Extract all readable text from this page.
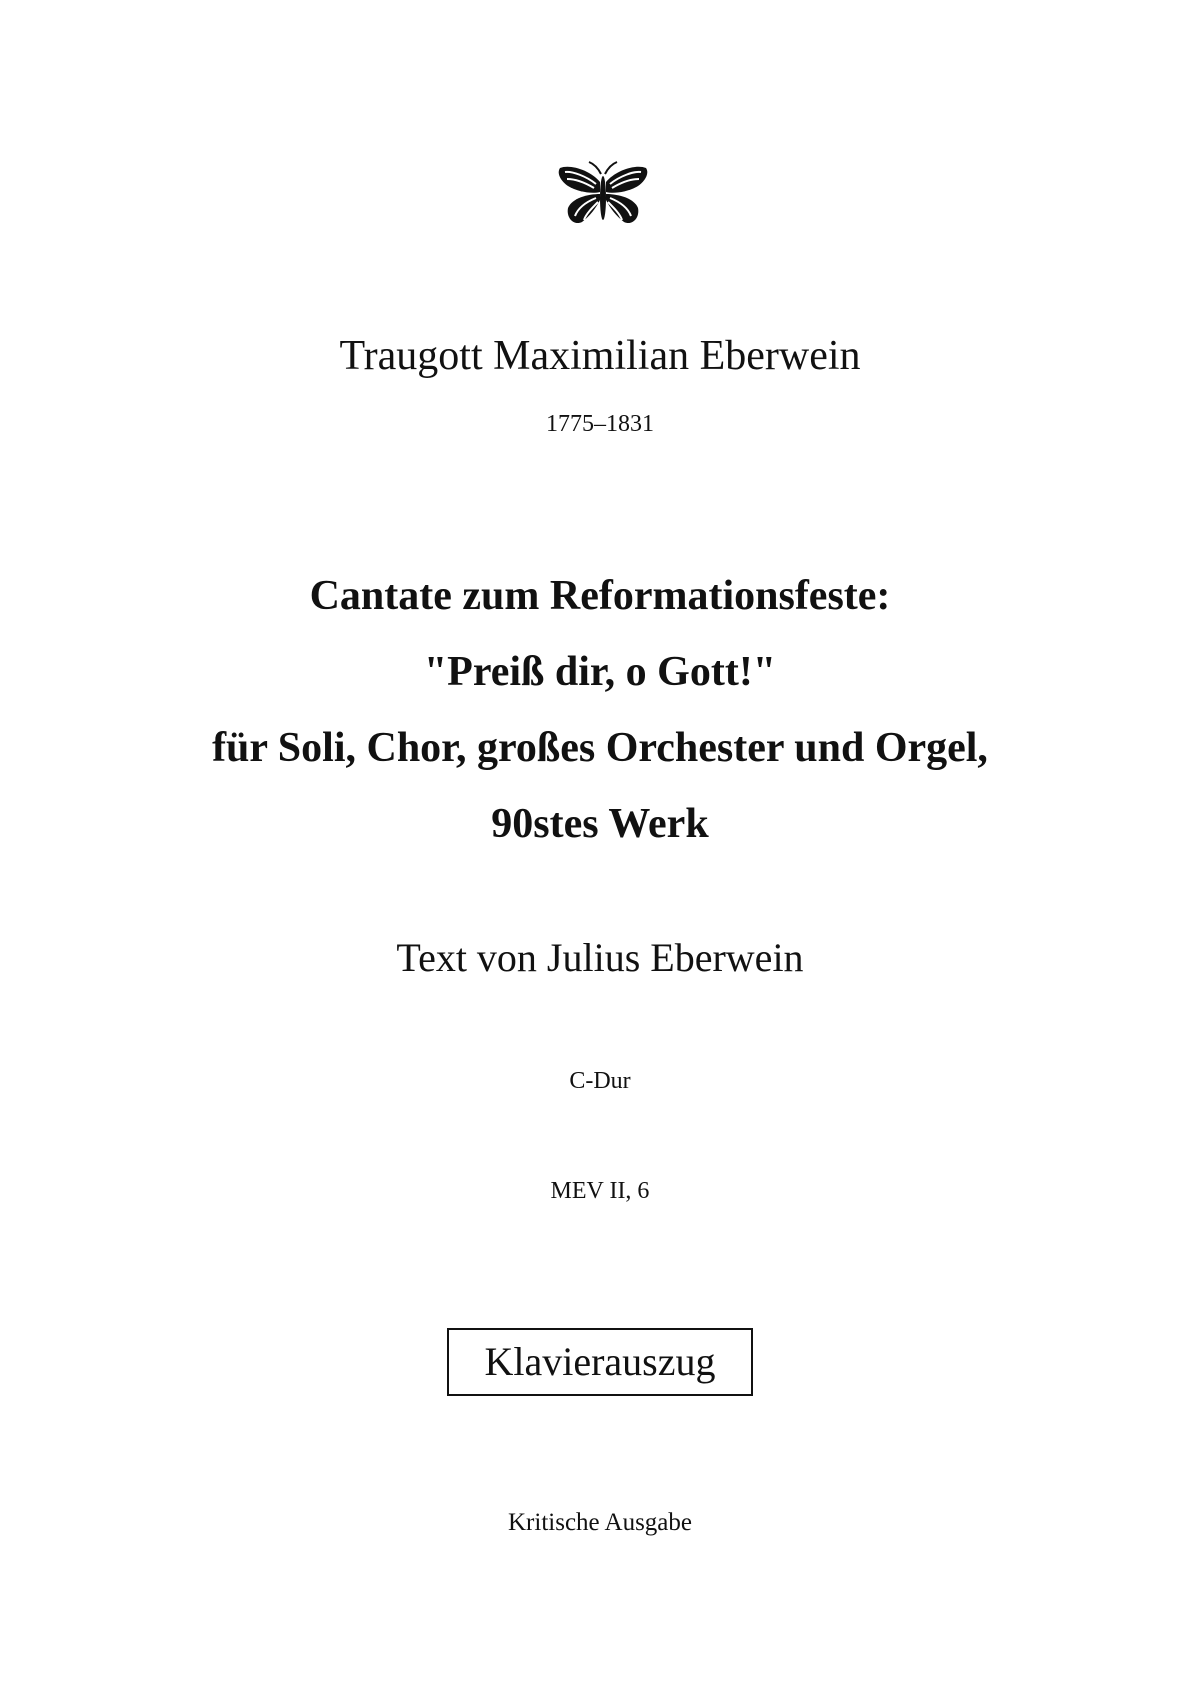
Traugott Maximilian Eberwein
1775–1831
Cantate zum Reformationsfeste:
"Preiß dir, o Gott!"
für Soli, Chor, großes Orchester und Orgel,
90stes Werk
Text von Julius Eberwein
C-Dur
MEV II, 6
Klavierauszug
Kritische Ausgabe
